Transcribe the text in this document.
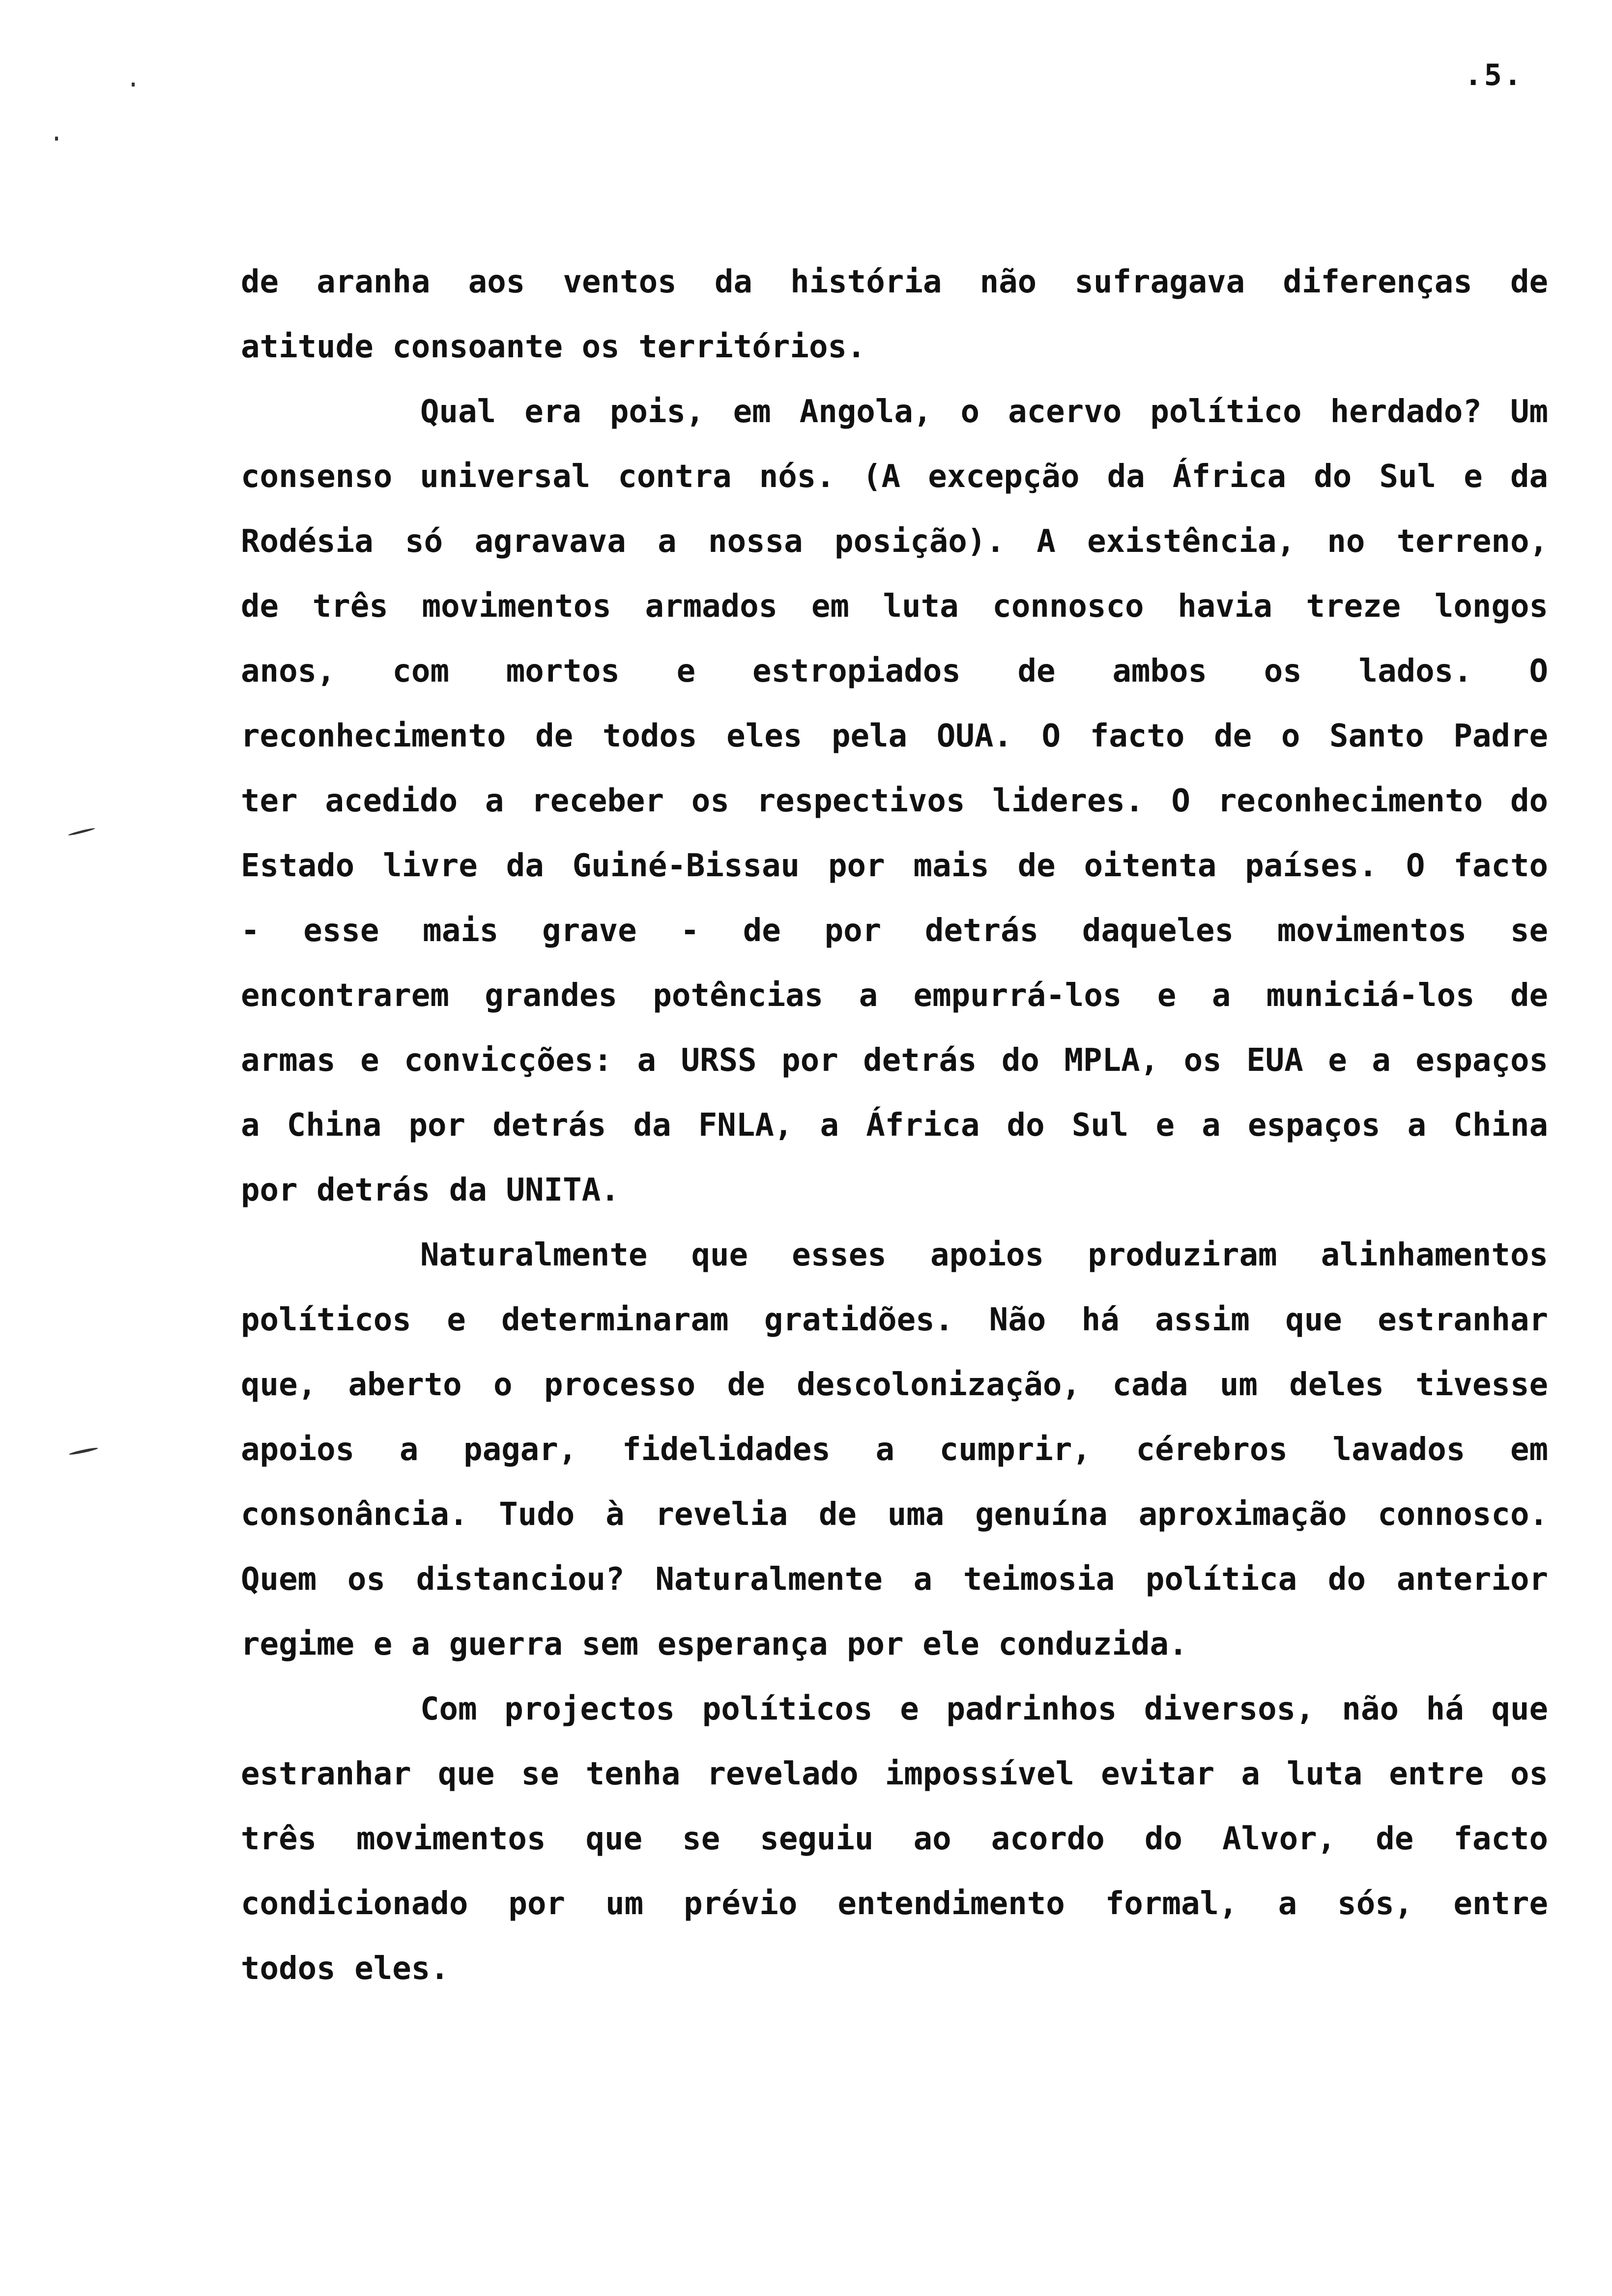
.5.
de aranha aos ventos da história não sufragava diferenças de
atitude consoante os territórios.
Qual era pois, em Angola, o acervo político herdado? Um
consenso universal contra nós. (A excepção da África do Sul e da
Rodésia só agravava a nossa posição). A existência, no terreno,
de três movimentos armados em luta connosco havia treze longos
anos, com mortos e estropiados de ambos os lados. O
reconhecimento de todos eles pela OUA. O facto de o Santo Padre
ter acedido a receber os respectivos lideres. O reconhecimento do
Estado livre da Guiné-Bissau por mais de oitenta países. O facto
- esse mais grave - de por detrás daqueles movimentos se
encontrarem grandes potências a empurrá-los e a municiá-los de
armas e convicções: a URSS por detrás do MPLA, os EUA e a espaços
a China por detrás da FNLA, a África do Sul e a espaços a China
por detrás da UNITA.
Naturalmente que esses apoios produziram alinhamentos
políticos e determinaram gratidões. Não há assim que estranhar
que, aberto o processo de descolonização, cada um deles tivesse
apoios a pagar, fidelidades a cumprir, cérebros lavados em
consonância. Tudo à revelia de uma genuína aproximação connosco.
Quem os distanciou? Naturalmente a teimosia política do anterior
regime e a guerra sem esperança por ele conduzida.
Com projectos políticos e padrinhos diversos, não há que
estranhar que se tenha revelado impossível evitar a luta entre os
três movimentos que se seguiu ao acordo do Alvor, de facto
condicionado por um prévio entendimento formal, a sós, entre
todos eles.
